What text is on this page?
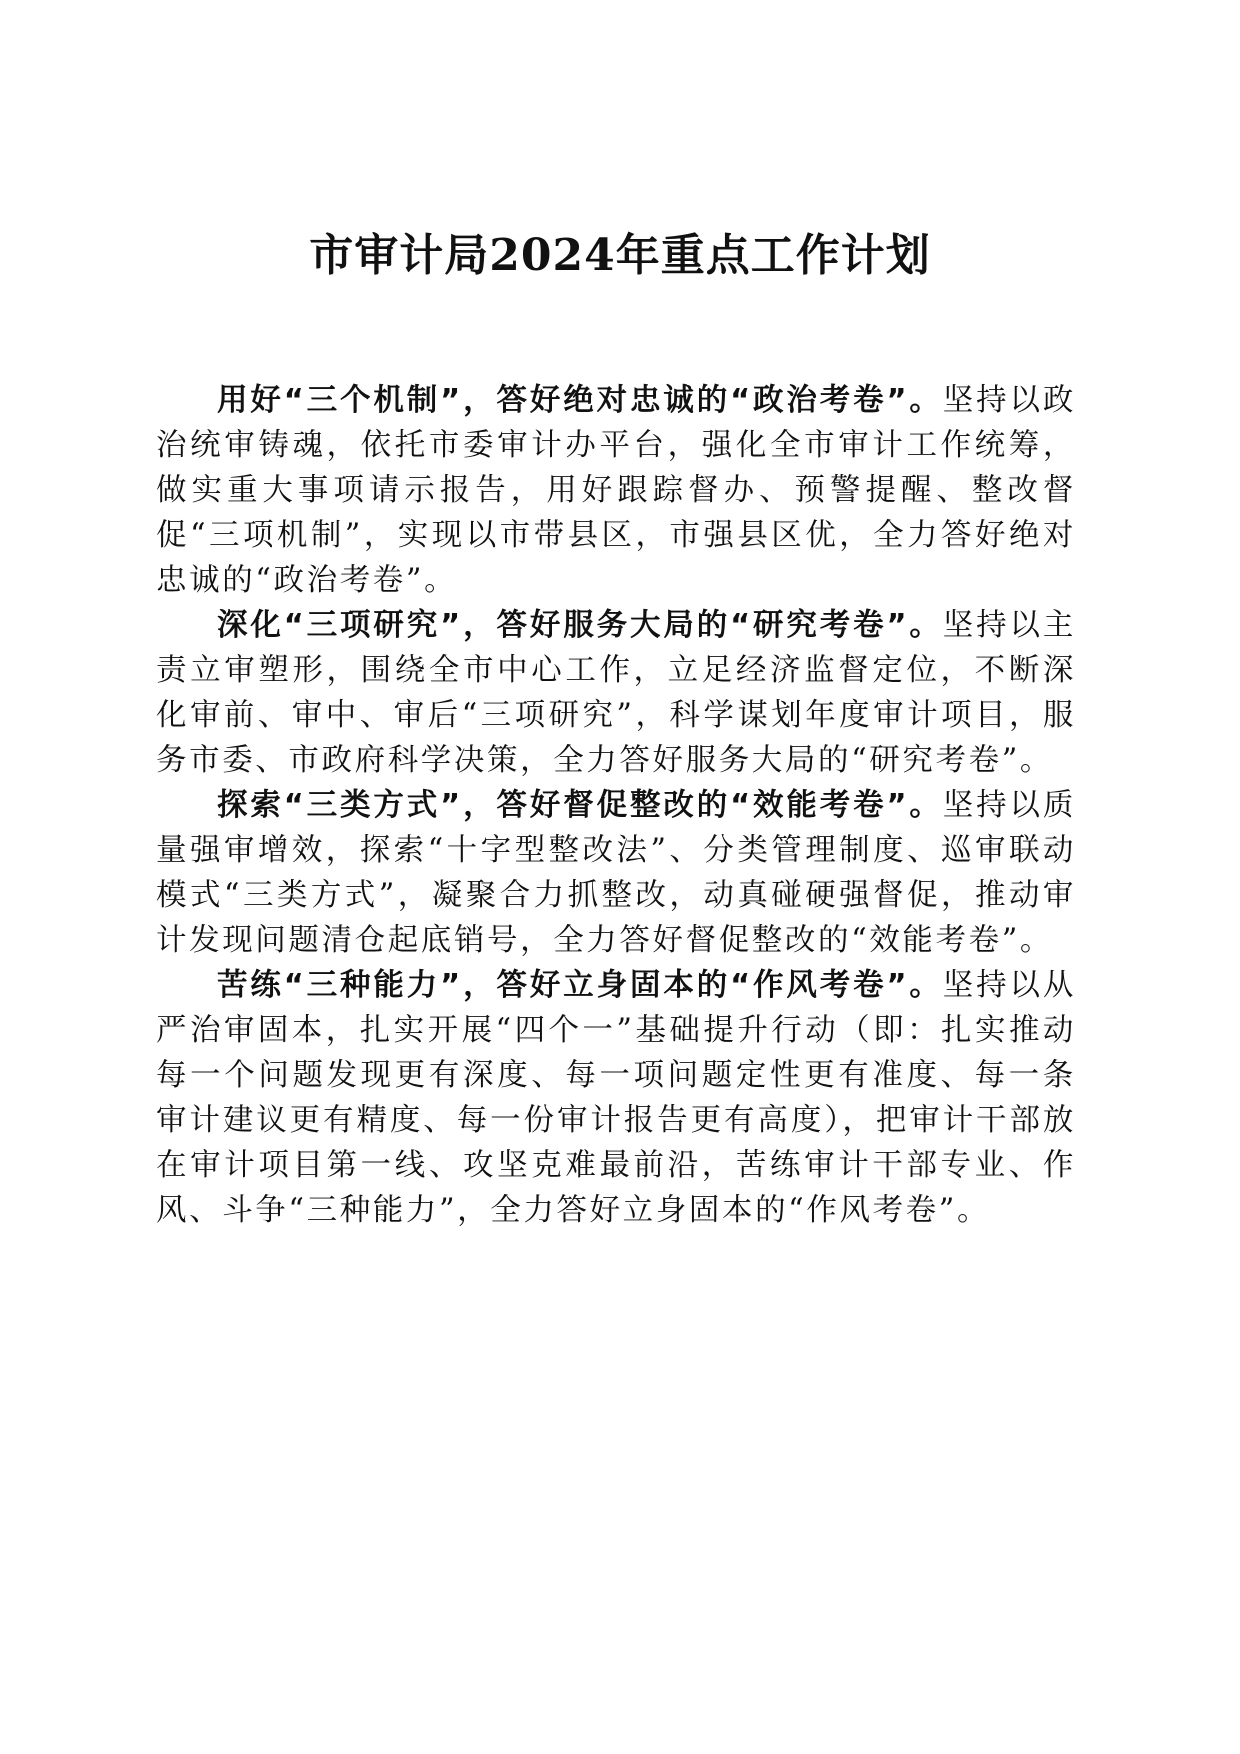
市审计局2024年重点工作计划

用好“三个机制”，答好绝对忠诚的“政治考卷”。坚持以政治统审铸魂，依托市委审计办平台，强化全市审计工作统筹，做实重大事项请示报告，用好跟踪督办、预警提醒、整改督促“三项机制”，实现以市带县区，市强县区优，全力答好绝对忠诚的“政治考卷”。

深化“三项研究”，答好服务大局的“研究考卷”。坚持以主责立审塑形，围绕全市中心工作，立足经济监督定位，不断深化审前、审中、审后“三项研究”，科学谋划年度审计项目，服务市委、市政府科学决策，全力答好服务大局的“研究考卷”。

探索“三类方式”，答好督促整改的“效能考卷”。坚持以质量强审增效，探索“十字型整改法”、分类管理制度、巡审联动模式“三类方式”，凝聚合力抓整改，动真碰硬强督促，推动审计发现问题清仓起底销号，全力答好督促整改的“效能考卷”。

苦练“三种能力”，答好立身固本的“作风考卷”。坚持以从严治审固本，扎实开展“四个一”基础提升行动（即：扎实推动每一个问题发现更有深度、每一项问题定性更有准度、每一条审计建议更有精度、每一份审计报告更有高度），把审计干部放在审计项目第一线、攻坚克难最前沿，苦练审计干部专业、作风、斗争“三种能力”，全力答好立身固本的“作风考卷”。
